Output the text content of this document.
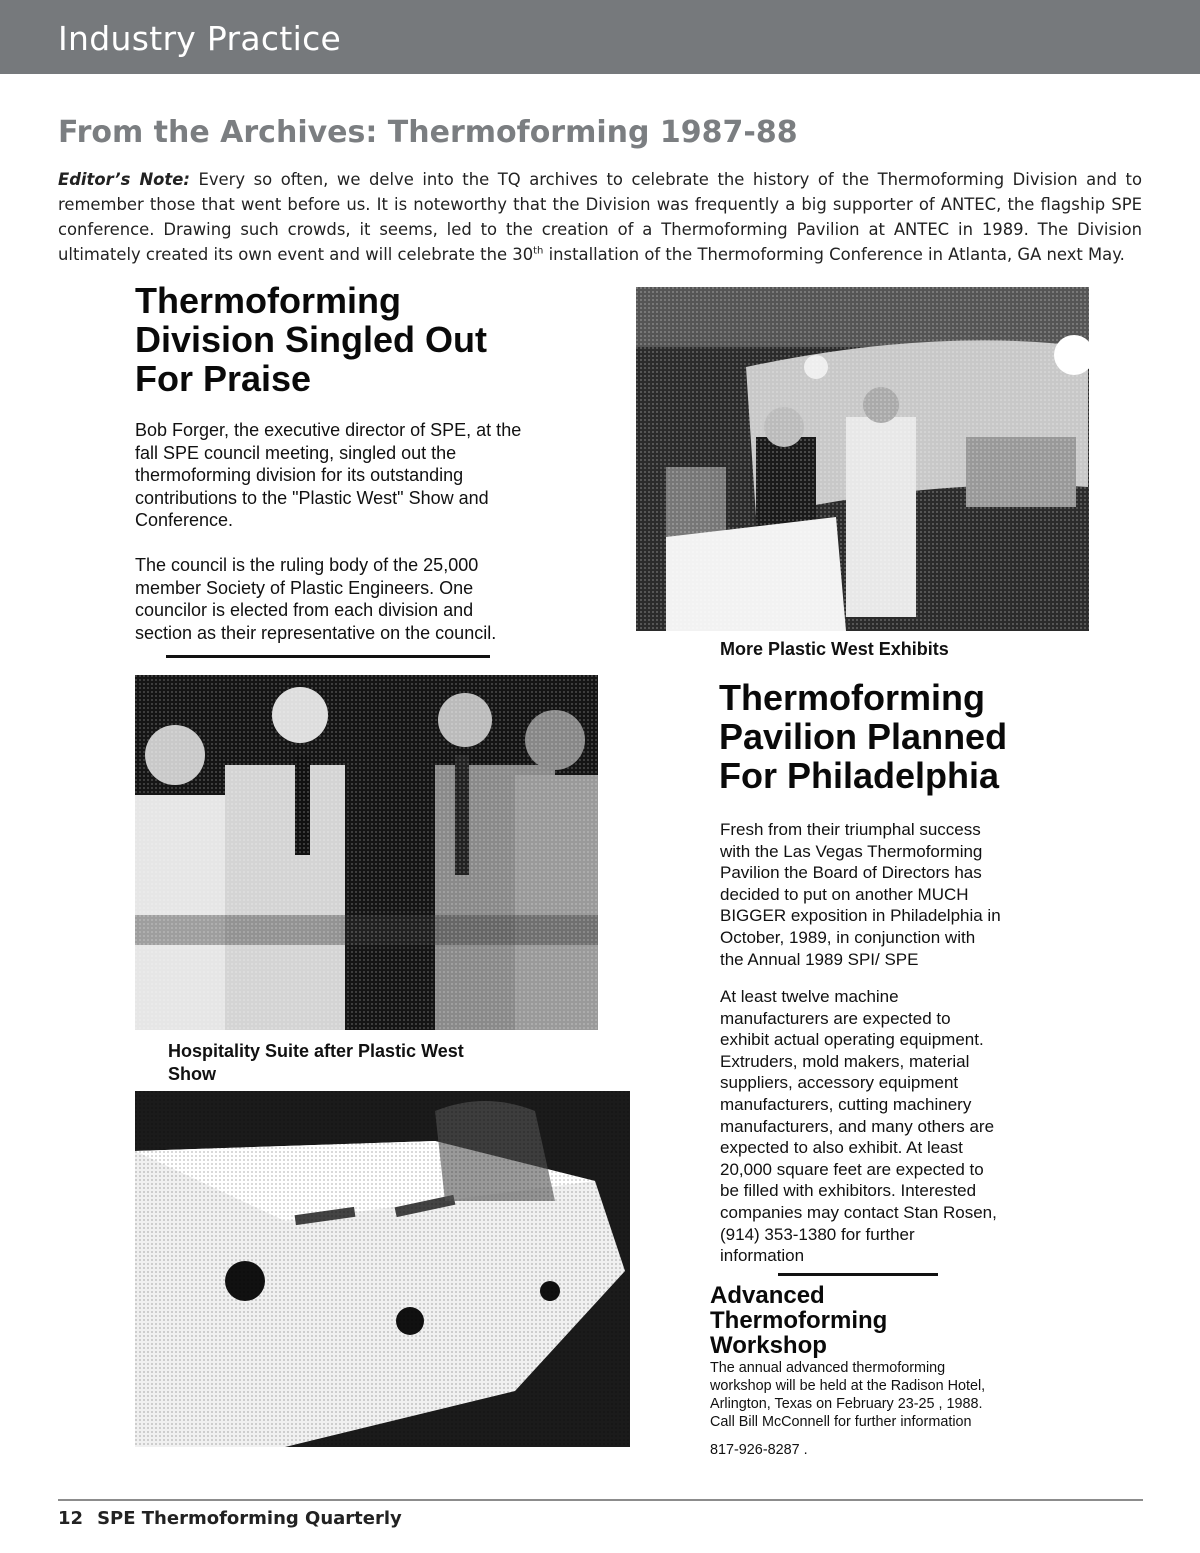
Industry Practice
From the Archives: Thermoforming 1987-88

Editor’s Note: Every so often, we delve into the TQ archives to celebrate the history of the Thermoforming Division and to remember those that went before us. It is noteworthy that the Division was frequently a big supporter of ANTEC, the flagship SPE conference. Drawing such crowds, it seems, led to the creation of a Thermoforming Pavilion at ANTEC in 1989. The Division ultimately created its own event and will celebrate the 30th installation of the Thermoforming Conference in Atlanta, GA next May.

Thermoforming
Division Singled Out
For Praise
Bob Forger, the executive director of SPE, at the
fall SPE council meeting, singled out the
thermoforming division for its outstanding
contributions to the "Plastic West" Show and
Conference.
The council is the ruling body of the 25,000
member Society of Plastic Engineers. One
councilor is elected from each division and
section as their representative on the council.
More Plastic West Exhibits
Thermoforming
Pavilion Planned
For Philadelphia
Fresh from their triumphal success
with the Las Vegas Thermoforming
Pavilion the Board of Directors has
decided to put on another MUCH
BIGGER exposition in Philadelphia in
October, 1989, in conjunction with
the Annual 1989 SPI/ SPE
At least twelve machine
manufacturers are expected to
exhibit actual operating equipment.
Extruders, mold makers, material
suppliers, accessory equipment
manufacturers, cutting machinery
manufacturers, and many others are
expected to also exhibit. At least
20,000 square feet are expected to
be filled with exhibitors. Interested
companies may contact Stan Rosen,
(914) 353-1380 for further
information
Hospitality Suite after Plastic West
Show
Advanced
Thermoforming
Workshop
The annual advanced thermoforming
workshop will be held at the Radison Hotel,
Arlington, Texas on February 23-25 , 1988.
Call Bill McConnell for further information
817-926-8287 .
12 SPE Thermoforming Quarterly
